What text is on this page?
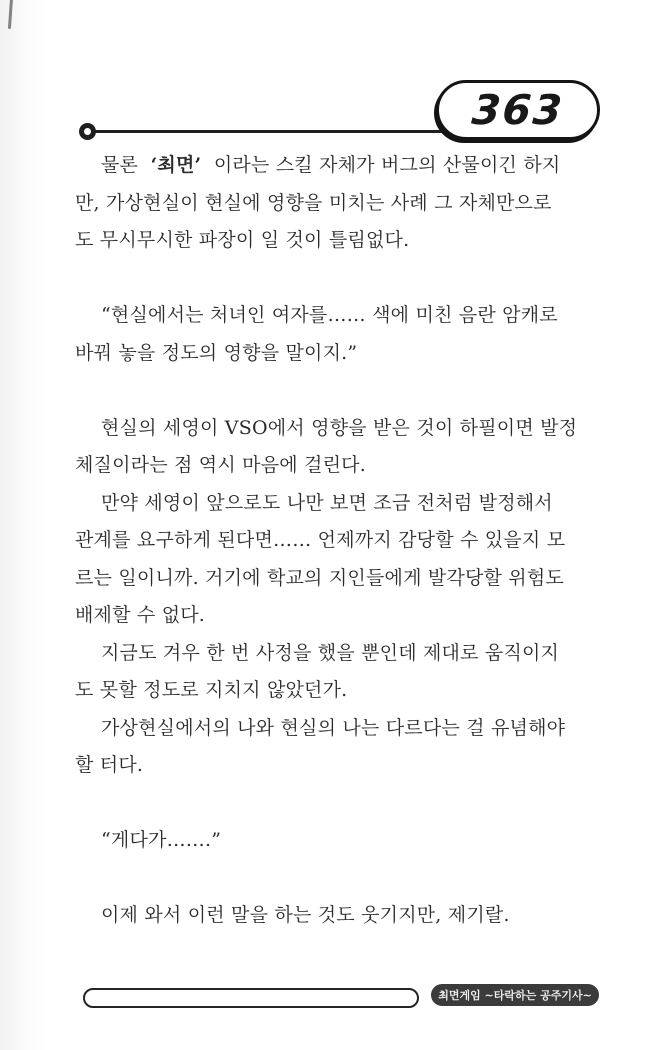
363
물론  ‘최면’  이라는 스킬 자체가 버그의 산물이긴 하지
만, 가상현실이 현실에 영향을 미치는 사례 그 자체만으로
도 무시무시한 파장이 일 것이 틀림없다.
“현실에서는 처녀인 여자를…… 색에 미친 음란 암캐로
바꿔 놓을 정도의 영향을 말이지.”
현실의 세영이 VSO에서 영향을 받은 것이 하필이면 발정
체질이라는 점 역시 마음에 걸린다.
만약 세영이 앞으로도 나만 보면 조금 전처럼 발정해서
관계를 요구하게 된다면…… 언제까지 감당할 수 있을지 모
르는 일이니까. 거기에 학교의 지인들에게 발각당할 위험도
배제할 수 없다.
지금도 겨우 한 번 사정을 했을 뿐인데 제대로 움직이지
도 못할 정도로 지치지 않았던가.
가상현실에서의 나와 현실의 나는 다르다는 걸 유념해야
할 터다.
“게다가…….”
이제 와서 이런 말을 하는 것도 웃기지만, 제기랄.
최면게임 ~타락하는 공주기사~
